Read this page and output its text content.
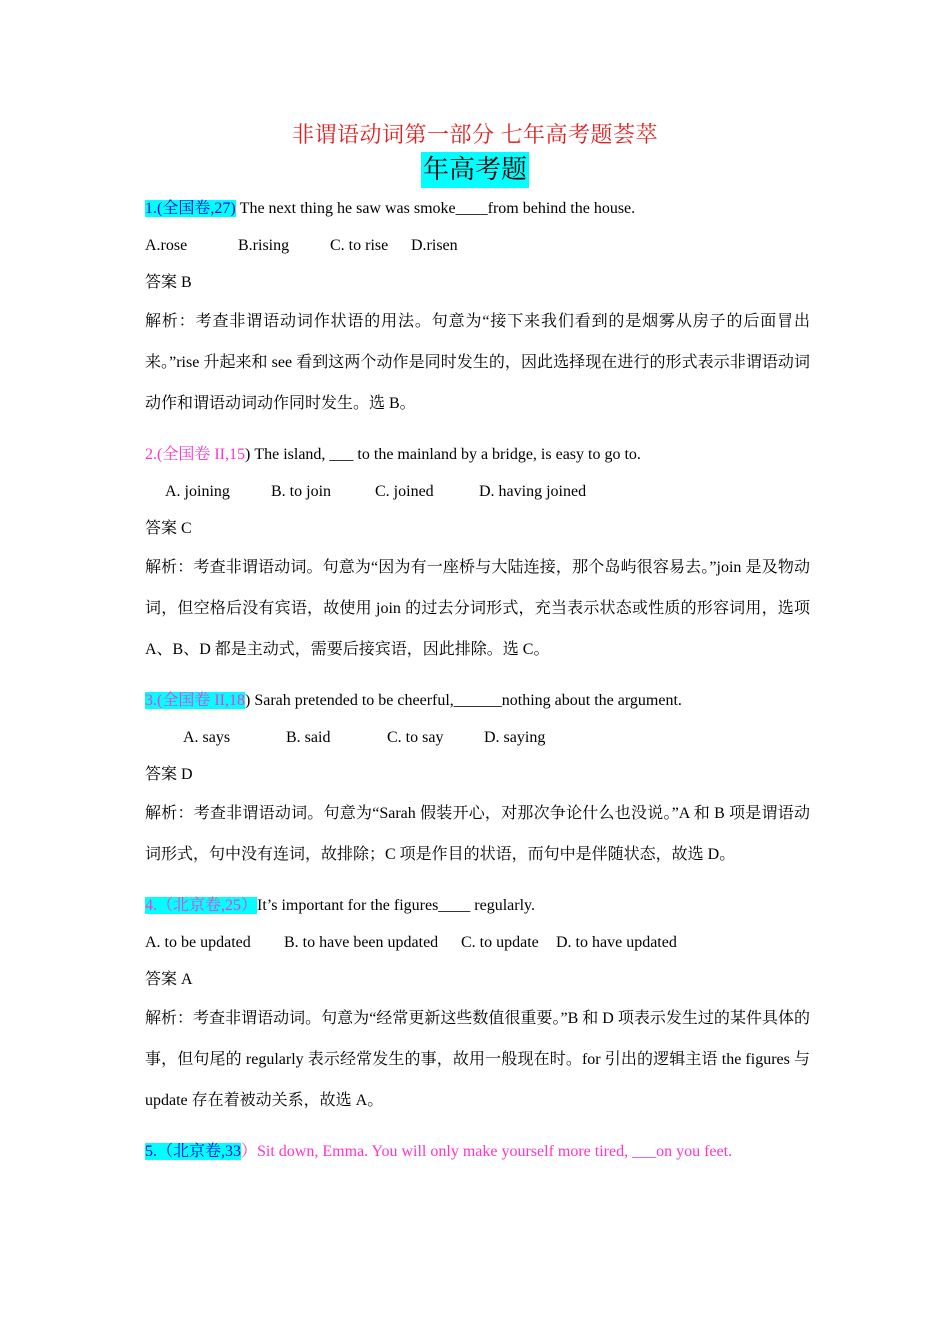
非谓语动词第一部分 七年高考题荟萃
年高考题
1.(全国卷,27) The next thing he saw was smoke____from behind the house.
A.rose	B.rising	C. to rise D.risen
答案 B
解析：考查非谓语动词作状语的用法。句意为“接下来我们看到的是烟雾从房子的后面冒出来。”rise 升起来和 see 看到这两个动作是同时发生的，因此选择现在进行的形式表示非谓语动词动作和谓语动词动作同时发生。选 B。
2.(全国卷 II,15) The island, ___ to the mainland by a bridge, is easy to go to.
A. joining	B. to join	C. joined	D. having joined
答案 C
解析：考查非谓语动词。句意为“因为有一座桥与大陆连接，那个岛屿很容易去。”join 是及物动词，但空格后没有宾语，故使用 join 的过去分词形式，充当表示状态或性质的形容词用，选项 A、B、D 都是主动式，需要后接宾语，因此排除。选 C。
3.(全国卷 II,18) Sarah pretended to be cheerful,______nothing about the argument.
A. says	B. said	C. to say	D. saying
答案 D
解析：考查非谓语动词。句意为“Sarah 假装开心，对那次争论什么也没说。”A 和 B 项是谓语动词形式，句中没有连词，故排除；C 项是作目的状语，而句中是伴随状态，故选 D。
4.（北京卷,25）It’s important for the figures____ regularly.
A. to be updated B. to have been updated C. to update D. to have updated
答案 A
解析：考查非谓语动词。句意为“经常更新这些数值很重要。”B 和 D 项表示发生过的某件具体的事，但句尾的 regularly 表示经常发生的事，故用一般现在时。for 引出的逻辑主语 the figures 与 update 存在着被动关系，故选 A。
5.（北京卷,33）Sit down, Emma. You will only make yourself more tired, ___on you feet.
